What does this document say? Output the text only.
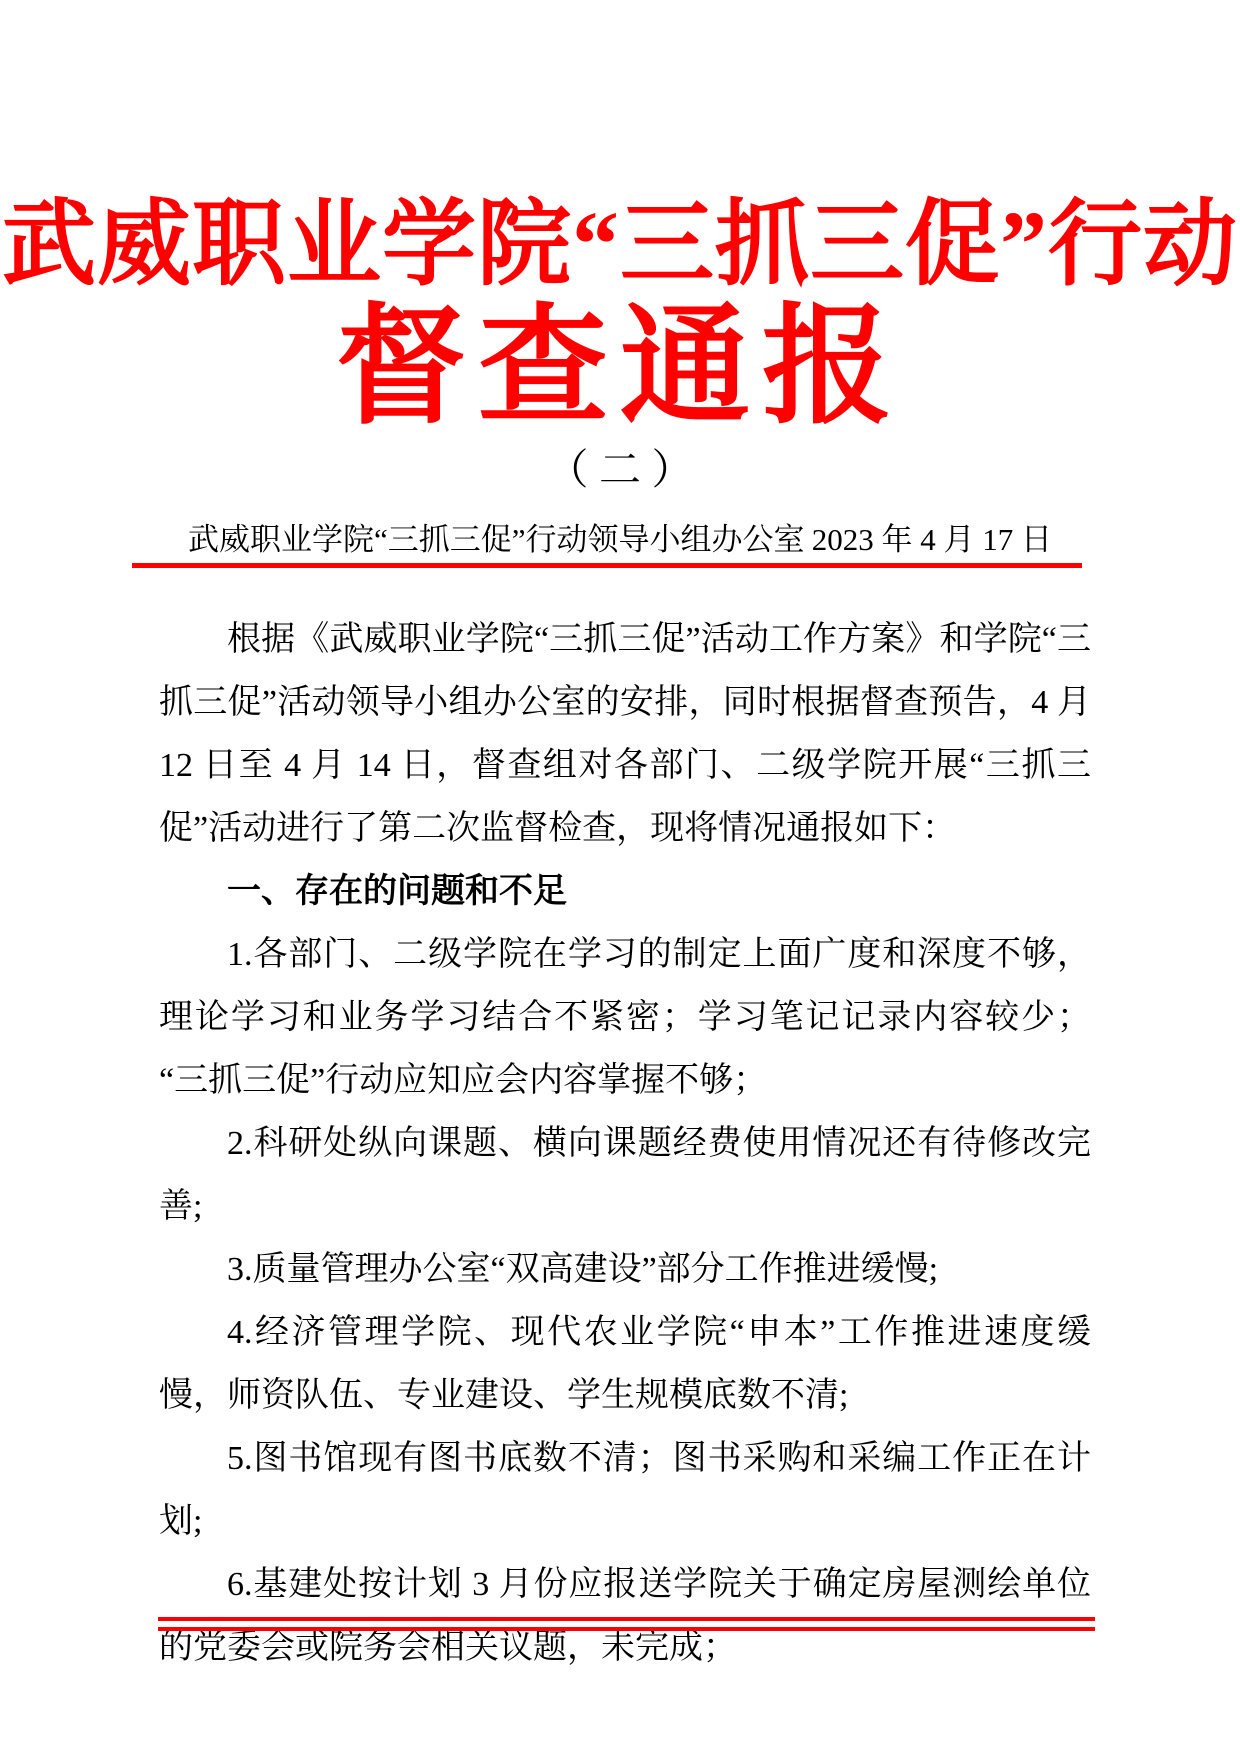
武威职业学院“三抓三促”行动
督查通报
（ 二 ）
武威职业学院“三抓三促”行动领导小组办公室 2023 年 4 月 17 日

根据《武威职业学院“三抓三促”活动工作方案》和学院“三抓三促”活动领导小组办公室的安排，同时根据督查预告，4 月 12 日至 4 月 14 日，督查组对各部门、二级学院开展“三抓三促”活动进行了第二次监督检查，现将情况通报如下：

一、存在的问题和不足

1.各部门、二级学院在学习的制定上面广度和深度不够，理论学习和业务学习结合不紧密；学习笔记记录内容较少；“三抓三促”行动应知应会内容掌握不够；

2.科研处纵向课题、横向课题经费使用情况还有待修改完善;

3.质量管理办公室“双高建设”部分工作推进缓慢;

4.经济管理学院、现代农业学院“申本”工作推进速度缓慢，师资队伍、专业建设、学生规模底数不清;

5.图书馆现有图书底数不清；图书采购和采编工作正在计划;

6.基建处按计划 3 月份应报送学院关于确定房屋测绘单位的党委会或院务会相关议题，未完成；
